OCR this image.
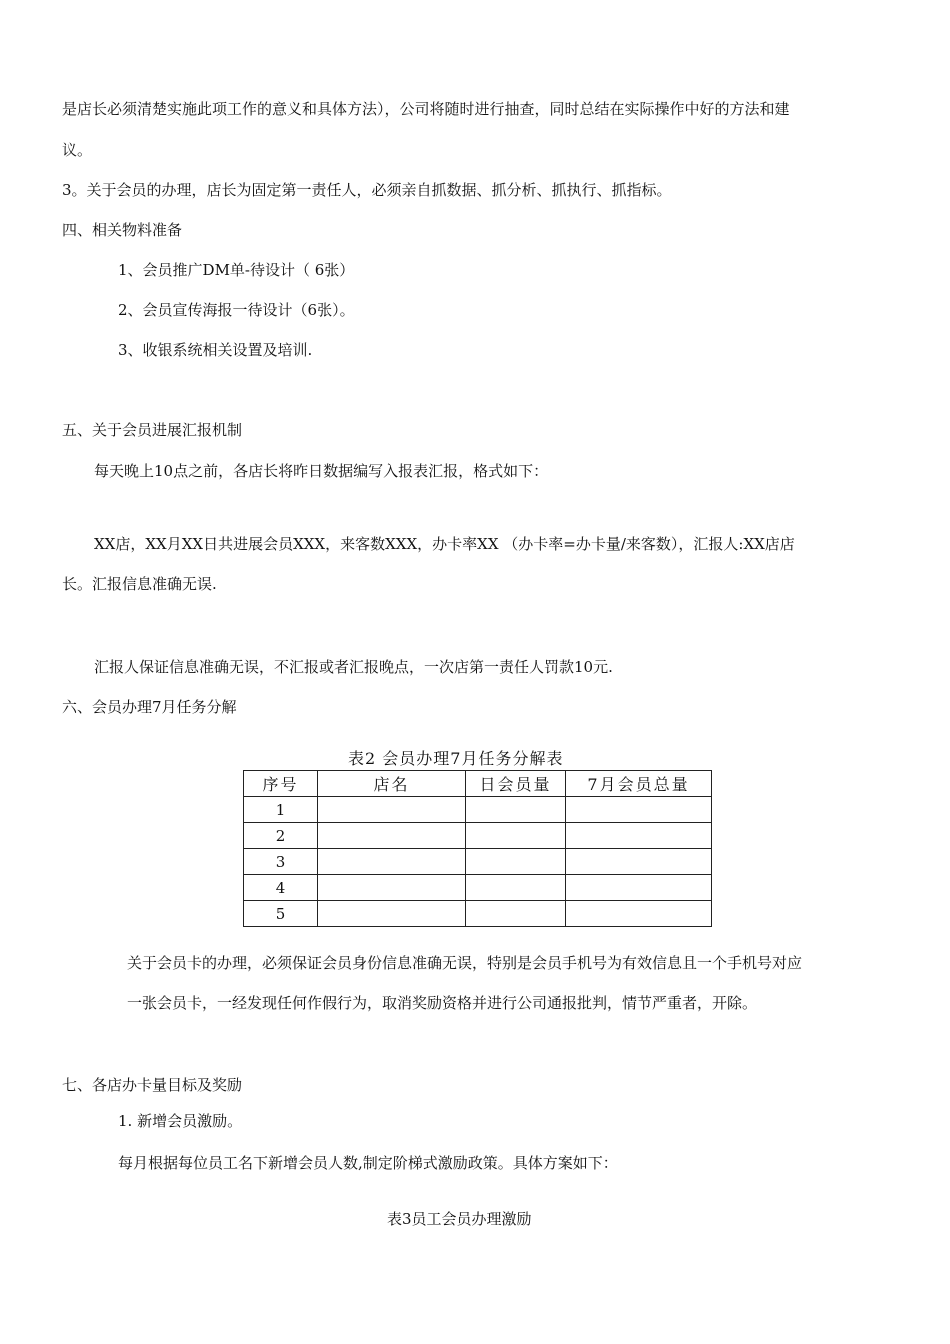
是店长必须清楚实施此项工作的意义和具体方法），公司将随时进行抽查，同时总结在实际操作中好的方法和建
议。
3。关于会员的办理，店长为固定第一责任人，必须亲自抓数据、抓分析、抓执行、抓指标。
四、相关物料准备
1、会员推广DM单-待设计（ 6张）
2、会员宣传海报一待设计（6张）。
3、收银系统相关设置及培训.
五、关于会员进展汇报机制
每天晚上10点之前，各店长将昨日数据编写入报表汇报，格式如下：
XX店，XX月XX日共进展会员XXX，来客数XXX，办卡率XX （办卡率=办卡量/来客数），汇报人:XX店店
长。汇报信息准确无误.
汇报人保证信息准确无误，不汇报或者汇报晚点，一次店第一责任人罚款10元.
六、会员办理7月任务分解
表2 会员办理7月任务分解表
序号	店名	日会员量	7月会员总量
1			
2			
3			
4			
5			
关于会员卡的办理，必须保证会员身份信息准确无误，特别是会员手机号为有效信息且一个手机号对应
一张会员卡，一经发现任何作假行为，取消奖励资格并进行公司通报批判，情节严重者，开除。
七、各店办卡量目标及奖励
1. 新增会员激励。
每月根据每位员工名下新增会员人数,制定阶梯式激励政策。具体方案如下：
表3员工会员办理激励
